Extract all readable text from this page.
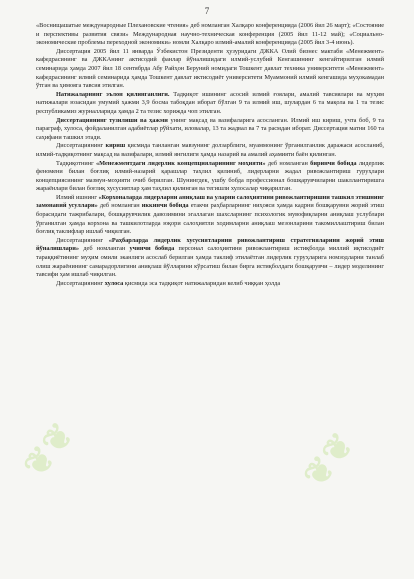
❦❦	❦❦
7

«Воснищашатые международные Плехановские чтения» деб номланган Халқаро конференцияда (2006 йил 26 март); «Состояние и перспективы развития связи» Международная научно-техническая конференция (2005 йил 11-12 май); «Социально-экономические проблемы переходной экономики» номли Халқаро илмий-амалий конференцияда (2005 йил 3-4 июнь).

Диссертация 2005 йил 11 январда Ўзбекистон Президенти ҳузуридаги ДЖКА Олий бизнес мактаби «Менежмент» кафедрасининг ва ДЖКАнинг актисодий фанлар йўналишидаги илмий-услубий Кенгашининг кенгайтирилган илмий семинарида ҳамда 2007 йил 18 сентябрда Абу Райҳон Беруний номидаги Тошкент давлат техника университети «Менежмент» кафедрасининг илмий семинарида ҳамда Тошкент давлат иктисодиёт университети Муаммоний илмий кенгашида муҳокамадан ўтган ва ҳимояга тавсия этилган.

Натижаларнинг эълон қилинганлиги. Тадқиқот ишининг асосий илмий ғоялари, амалий тавсиялари ва муҳим натижалари юзасидан умумий ҳажми 3,9 босма табоқдан иборат бўлган 9 та илмий иш, шулардан 6 та мақола ва 1 та тезис республикамиз журналларида ҳамда 2 та тезис хорижда чоп этилган.

Диссертациянинг тузилиши ва ҳажми унинг мақсад ва вазифаларига асосланган. Илмий иш кириш, учта боб, 9 та параграф, хулоса, фойдаланилган адабиётлар рўйхати, иловалар, 13 та жадвал ва 7 та расмдан иборат. Диссертация матни 160 та саҳифани ташкил этади.

Диссертациянинг кириш қисмида танланган мавзунинг долзарблиги, муаммонинг ўрганилганлик даражаси асосланиб, илмий-тадқиқотнинг мақсад ва вазифалари, илмий янгилиги ҳамда назарий ва амалий аҳамияти баён қилинган.

Тадқиқотнинг «Менежментдаги лидерлик концепцияларининг моҳияти» деб номланган биринчи бобида лидерлик феномени билан боғлиқ илмий-назарий қарашлар таҳлил қилиниб, лидерларни жадал ривожлантириш гуруҳлари концепциясининг мазмун-моҳияти очиб берилган. Шунингдек, ушбу бобда профессионал бошқарувчиларни шакллантиришга жараёнлари билан боғлиқ хусусиятлар ҳам таҳлил қилинган ва тегишли хулосалар чиқарилган.

Илмий ишнинг «Корхоналарда лидерларни аниқлаш ва уларни салоҳиятини ривожлантиришни ташкил этишнинг замонавий усуллари» деб номланган иккинчи бобида етакчи раҳбарларнинг ниҳояси ҳамда кадрни бошқарувни жорий этиш борасидаги тажрибалари, бошқарувчилик давозимини эгаллаган шахсларнинг психологик мувофиқларни аниқлаш услублари ўрганилган ҳамда корхона ва ташкилотларда юқори салоҳиятли ходимларни аниқлаш мезонларини такомиллаштириш билан боғлиқ таклифлар ишлаб чиқилган.

Диссертациянинг «Раҳбарларда лидерлик хусусиятларини ривожлантириш стратегияларини жорий этиш йўналишлари» деб номланган учинчи бобида персонал салоҳиятини ривожлантириш истиқболда миллий иқтисодиёт тараққиётининг муҳим омили эканлиги асослаб берилган ҳамда таклиф этилаётган лидерлик гуруҳларига номзодларни танлаб олиш жараёнининг самарадорлигини аниқлаш йўлларини кўрсатиш билан бирга истиқболдаги бошқарувчи – лидер моделининг тавсифи ҳам ишлаб чиқилган.

Диссертациянинг хулоса қисмида эса тадқиқот натижаларидан келиб чиққан ҳолда
